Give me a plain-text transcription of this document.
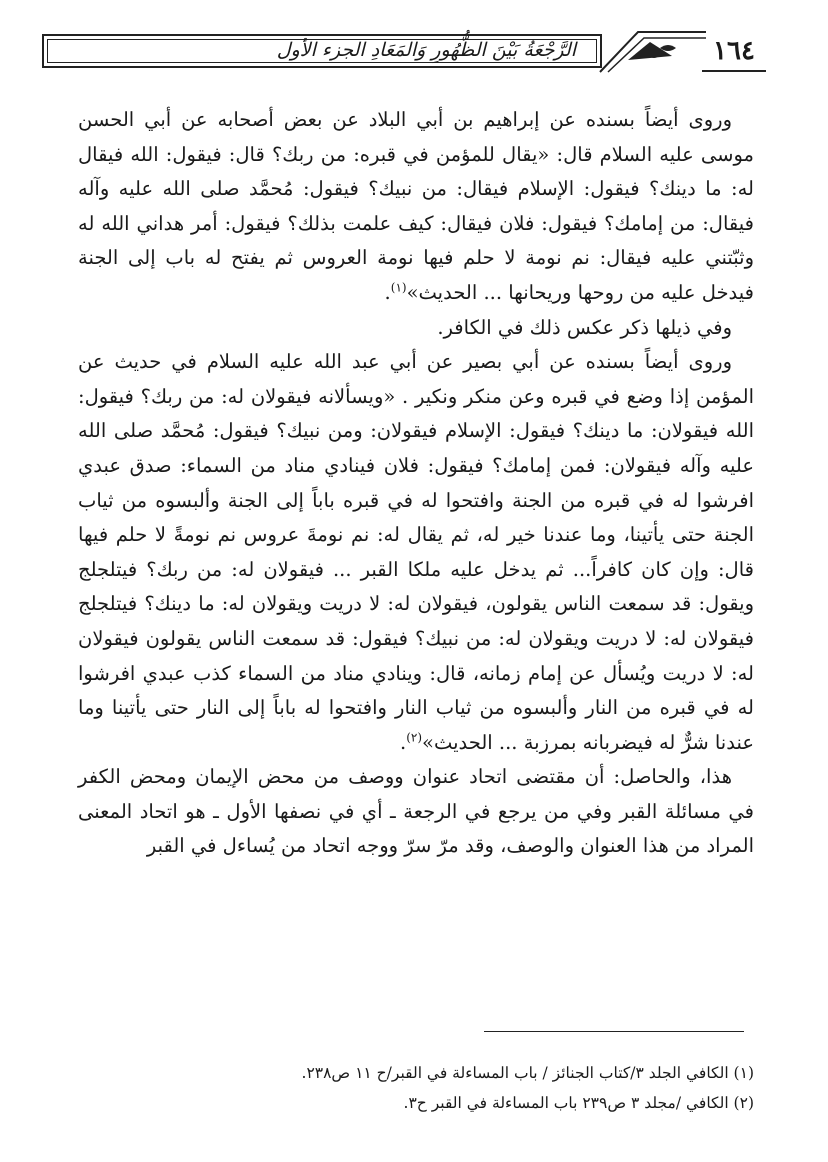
الرَّجْعَةُ بَيْنَ الظُّهُورِ وَالمَعَادِ الجزء الأول	١٦٤

وروى أيضاً بسنده عن إبراهيم بن أبي البلاد عن بعض أصحابه عن أبي الحسن موسى عليه السلام قال: «يقال للمؤمن في قبره: من ربك؟ قال: فيقول: الله فيقال له: ما دينك؟ فيقول: الإسلام فيقال: من نبيك؟ فيقول: مُحمَّد صلى الله عليه وآله فيقال: من إمامك؟ فيقول: فلان فيقال: كيف علمت بذلك؟ فيقول: أمر هداني الله له وثبّتني عليه فيقال: نم نومة لا حلم فيها نومة العروس ثم يفتح له باب إلى الجنة فيدخل عليه من روحها وريحانها ... الحديث»$^{(١)}$.

وفي ذيلها ذكر عكس ذلك في الكافر.

وروى أيضاً بسنده عن أبي بصير عن أبي عبد الله عليه السلام في حديث عن المؤمن إذا وضع في قبره وعن منكر ونكير . «ويسألانه فيقولان له: من ربك؟ فيقول: الله فيقولان: ما دينك؟ فيقول: الإسلام فيقولان: ومن نبيك؟ فيقول: مُحمَّد صلى الله عليه وآله فيقولان: فمن إمامك؟ فيقول: فلان فينادي مناد من السماء: صدق عبدي افرشوا له في قبره من الجنة وافتحوا له في قبره باباً إلى الجنة وألبسوه من ثياب الجنة حتى يأتينا، وما عندنا خير له، ثم يقال له: نم نومةَ عروس نم نومةً لا حلم فيها قال: وإن كان كافراً... ثم يدخل عليه ملكا القبر ... فيقولان له: من ربك؟ فيتلجلج ويقول: قد سمعت الناس يقولون، فيقولان له: لا دريت ويقولان له: ما دينك؟ فيتلجلج فيقولان له: لا دريت ويقولان له: من نبيك؟ فيقول: قد سمعت الناس يقولون فيقولان له: لا دريت ويُسأل عن إمام زمانه، قال: وينادي مناد من السماء كذب عبدي افرشوا له في قبره من النار وألبسوه من ثياب النار وافتحوا له باباً إلى النار حتى يأتينا وما عندنا شرٌّ له فيضربانه بمرزبة ... الحديث»$^{(٢)}$.

هذا، والحاصل: أن مقتضى اتحاد عنوان ووصف من محض الإيمان ومحض الكفر في مسائلة القبر وفي من يرجع في الرجعة ـ أي في نصفها الأول ـ هو اتحاد المعنى المراد من هذا العنوان والوصف، وقد مرّ سرّ ووجه اتحاد من يُساءل في القبر

(١) الكافي الجلد ٣/كتاب الجنائز / باب المساءلة في القبر/ح ١١ ص٢٣٨.

(٢) الكافي /مجلد ٣ ص٢٣٩ باب المساءلة في القبر ح٣.
